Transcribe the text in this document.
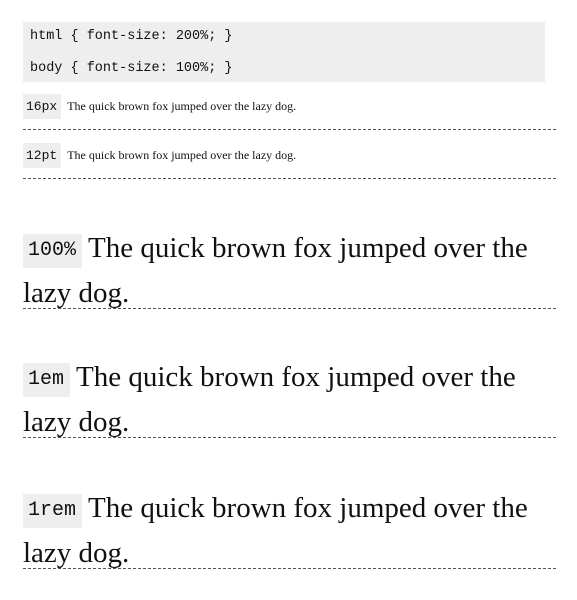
html { font-size: 200%; }
body { font-size: 100%; }
16px The quick brown fox jumped over the lazy dog.
12pt The quick brown fox jumped over the lazy dog.

100% The quick brown fox jumped over the lazy dog.

1em The quick brown fox jumped over the lazy dog.

1rem The quick brown fox jumped over the lazy dog.
